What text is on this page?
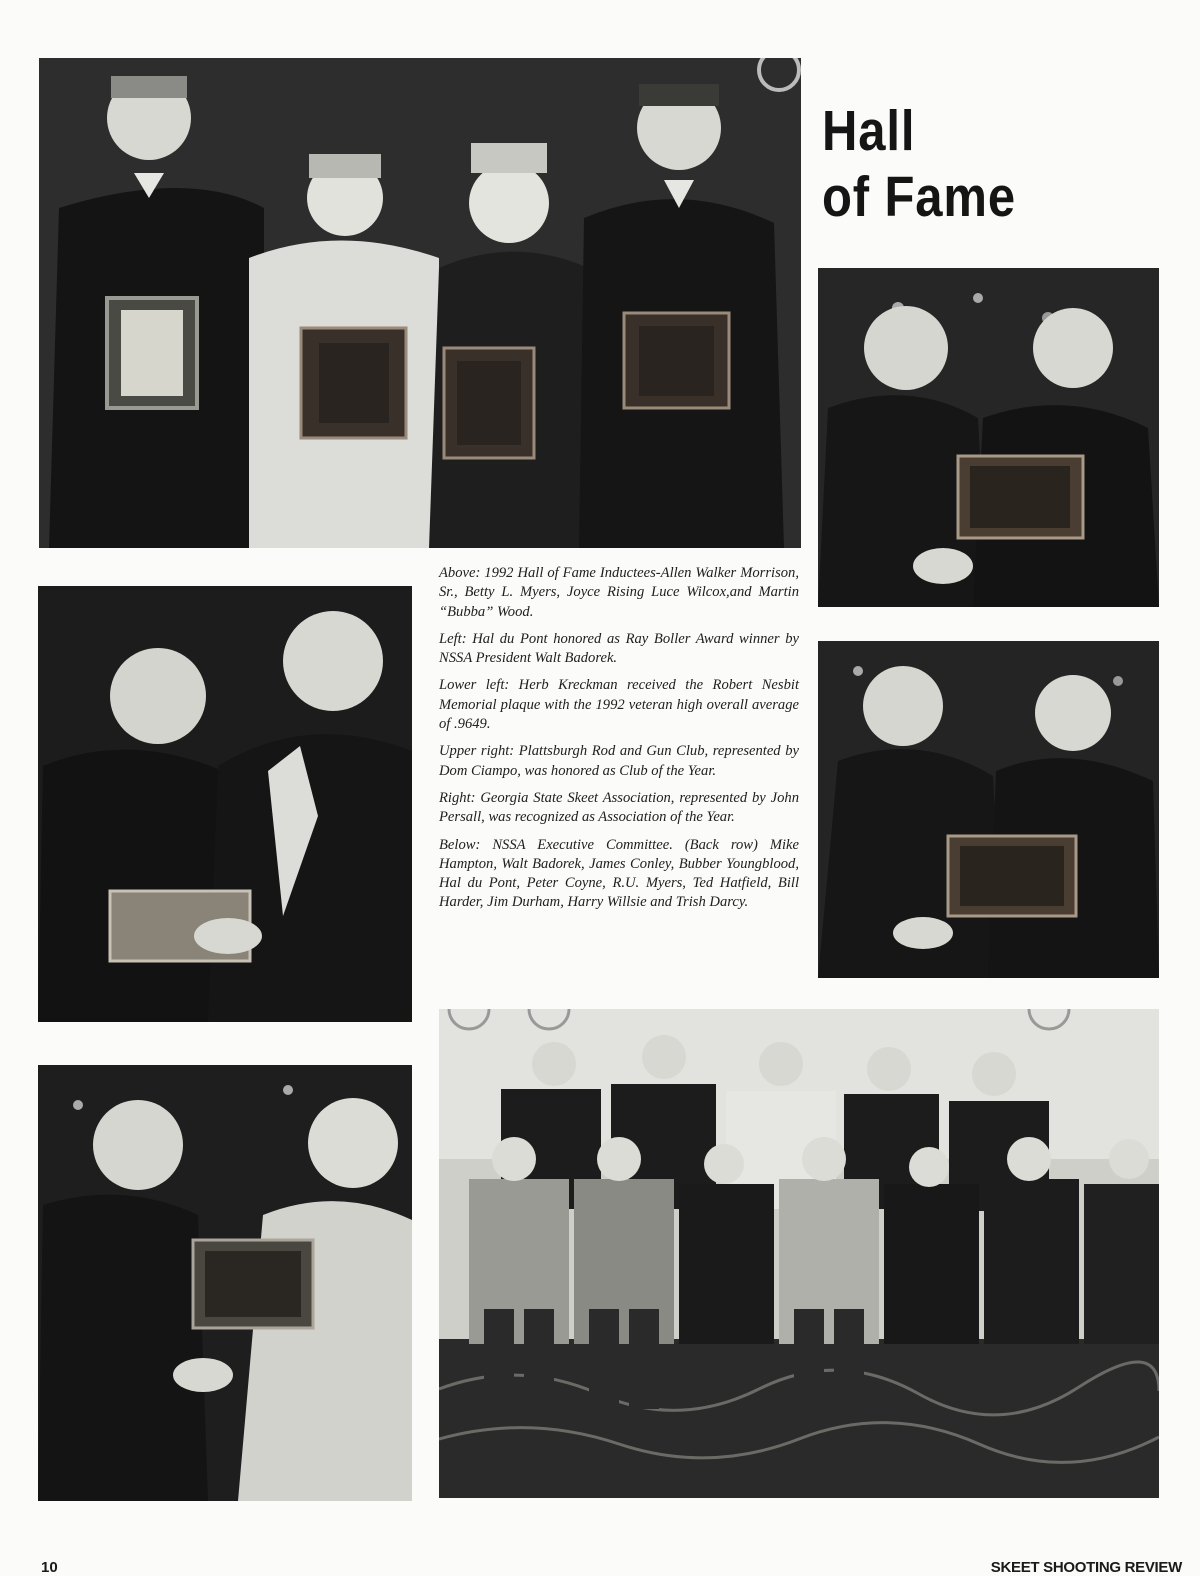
Hall
of Fame

Above: 1992 Hall of Fame Inductees-Allen Walker Morrison, Sr., Betty L. Myers, Joyce Rising Luce Wilcox,and Martin “Bubba” Wood.

Left: Hal du Pont honored as Ray Boller Award winner by NSSA President Walt Badorek.

Lower left: Herb Kreckman received the Robert Nesbit Memorial plaque with the 1992 veteran high overall average of .9649.

Upper right: Plattsburgh Rod and Gun Club, represented by Dom Ciampo, was honored as Club of the Year.

Right: Georgia State Skeet Association, represented by John Persall, was recognized as Association of the Year.

Below: NSSA Executive Committee. (Back row) Mike Hampton, Walt Badorek, James Conley, Bubber Youngblood, Hal du Pont, Peter Coyne, R.U. Myers, Ted Hatfield, Bill Harder, Jim Durham, Harry Willsie and Trish Darcy.

10	SKEET SHOOTING REVIEW
